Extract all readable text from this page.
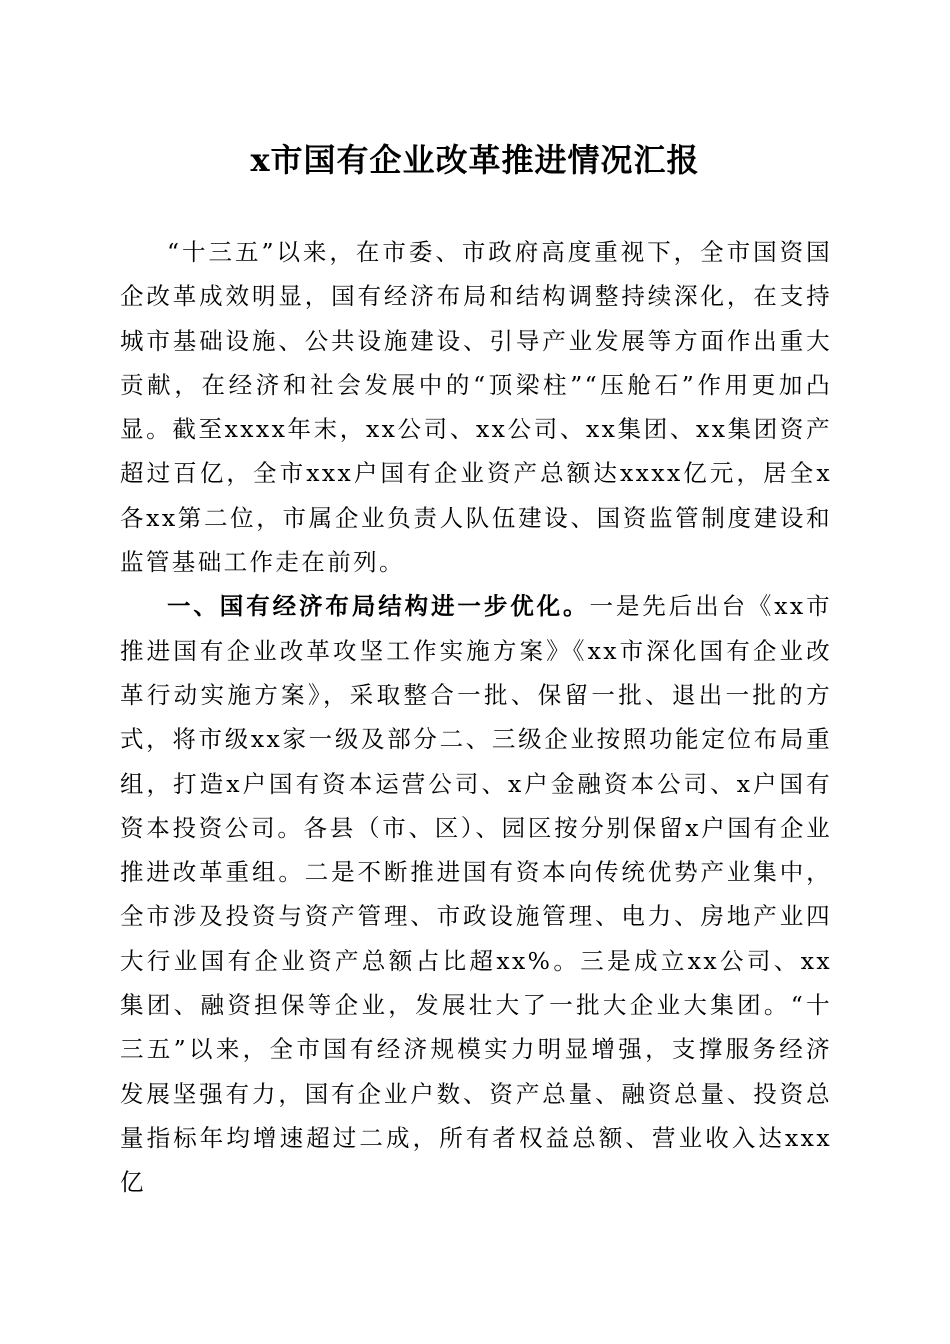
x市国有企业改革推进情况汇报

“十三五”以来，在市委、市政府高度重视下，全市国资国企改革成效明显，国有经济布局和结构调整持续深化，在支持城市基础设施、公共设施建设、引导产业发展等方面作出重大贡献，在经济和社会发展中的“顶梁柱”“压舱石”作用更加凸显。截至xxxx年末，xx公司、xx公司、xx集团、xx集团资产超过百亿，全市xxx户国有企业资产总额达xxxx亿元，居全x各xx第二位，市属企业负责人队伍建设、国资监管制度建设和监管基础工作走在前列。

一、国有经济布局结构进一步优化。一是先后出台《xx市推进国有企业改革攻坚工作实施方案》《xx市深化国有企业改革行动实施方案》，采取整合一批、保留一批、退出一批的方式，将市级xx家一级及部分二、三级企业按照功能定位布局重组，打造x户国有资本运营公司、x户金融资本公司、x户国有资本投资公司。各县（市、区）、园区按分别保留x户国有企业推进改革重组。二是不断推进国有资本向传统优势产业集中，全市涉及投资与资产管理、市政设施管理、电力、房地产业四大行业国有企业资产总额占比超xx%。三是成立xx公司、xx集团、融资担保等企业，发展壮大了一批大企业大集团。“十三五”以来，全市国有经济规模实力明显增强，支撑服务经济发展坚强有力，国有企业户数、资产总量、融资总量、投资总量指标年均增速超过二成，所有者权益总额、营业收入达xxx亿
